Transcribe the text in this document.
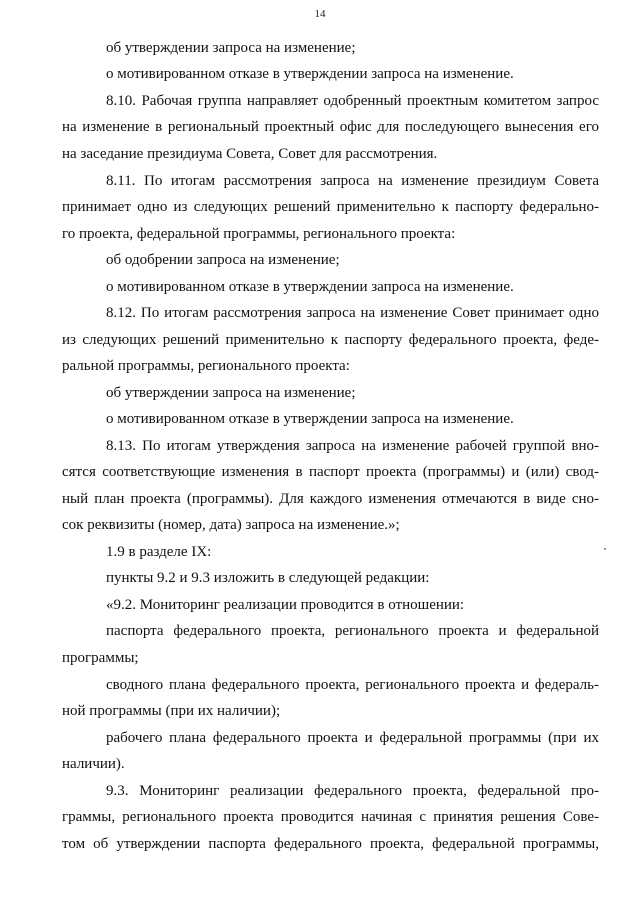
14
об утверждении запроса на изменение;
о мотивированном отказе в утверждении запроса на изменение.
8.10. Рабочая группа направляет одобренный проектным комитетом запрос
на изменение в региональный проектный офис для последующего вынесения его
на заседание президиума Совета, Совет для рассмотрения.
8.11. По итогам рассмотрения запроса на изменение президиум Совета
принимает одно из следующих решений применительно к паспорту федерально-
го проекта, федеральной программы, регионального проекта:
об одобрении запроса на изменение;
о мотивированном отказе в утверждении запроса на изменение.
8.12. По итогам рассмотрения запроса на изменение Совет принимает одно
из следующих решений применительно к паспорту федерального проекта, феде-
ральной программы, регионального проекта:
об утверждении запроса на изменение;
о мотивированном отказе в утверждении запроса на изменение.
8.13. По итогам утверждения запроса на изменение рабочей группой вно-
сятся соответствующие изменения в паспорт проекта (программы) и (или) свод-
ный план проекта (программы). Для каждого изменения отмечаются в виде сно-
сок реквизиты (номер, дата) запроса на изменение.»;
1.9 в разделе IX:
пункты 9.2 и 9.3 изложить в следующей редакции:
«9.2. Мониторинг реализации проводится в отношении:
паспорта федерального проекта, регионального проекта и федеральной
программы;
сводного плана федерального проекта, регионального проекта и федераль-
ной программы (при их наличии);
рабочего плана федерального проекта и федеральной программы (при их
наличии).
9.3. Мониторинг реализации федерального проекта, федеральной про-
граммы, регионального проекта проводится начиная с принятия решения Сове-
том об утверждении паспорта федерального проекта, федеральной программы,
